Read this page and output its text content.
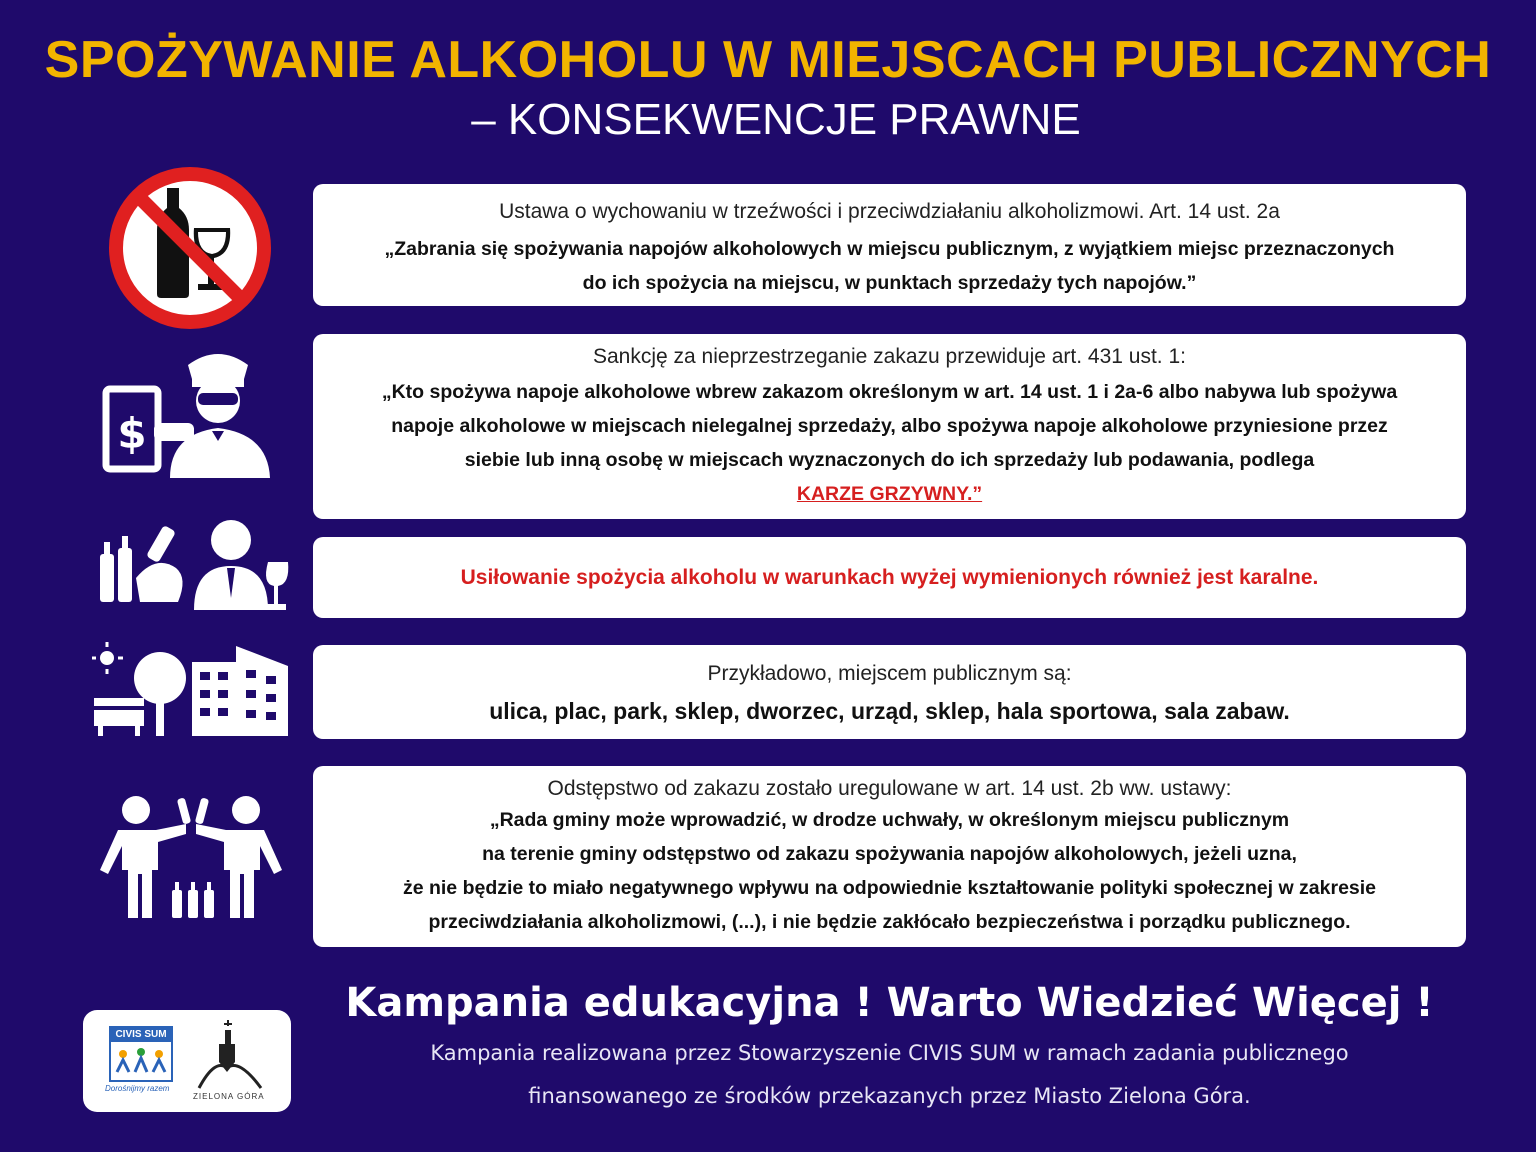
SPOŻYWANIE ALKOHOLU W MIEJSCACH PUBLICZNYCH
– KONSEKWENCJE PRAWNE
$
Ustawa o wychowaniu w trzeźwości i przeciwdziałaniu alkoholizmowi. Art. 14 ust. 2a
„Zabrania się spożywania napojów alkoholowych w miejscu publicznym, z wyjątkiem miejsc przeznaczonych
do ich spożycia na miejscu, w punktach sprzedaży tych napojów.”
Sankcję za nieprzestrzeganie zakazu przewiduje art. 431 ust. 1:
„Kto spożywa napoje alkoholowe wbrew zakazom określonym w art. 14 ust. 1 i 2a-6 albo nabywa lub spożywa
napoje alkoholowe w miejscach nielegalnej sprzedaży, albo spożywa napoje alkoholowe przyniesione przez
siebie lub inną osobę w miejscach wyznaczonych do ich sprzedaży lub podawania, podlega
KARZE GRZYWNY.”
Usiłowanie spożycia alkoholu w warunkach wyżej wymienionych również jest karalne.
Przykładowo, miejscem publicznym są:
ulica, plac, park, sklep, dworzec, urząd, sklep, hala sportowa, sala zabaw.
Odstępstwo od zakazu zostało uregulowane w art. 14 ust. 2b ww. ustawy:
„Rada gminy może wprowadzić, w drodze uchwały, w określonym miejscu publicznym
na terenie gminy odstępstwo od zakazu spożywania napojów alkoholowych, jeżeli uzna,
że nie będzie to miało negatywnego wpływu na odpowiednie kształtowanie polityki społecznej w zakresie
przeciwdziałania alkoholizmowi, (...), i nie będzie zakłócało bezpieczeństwa i porządku publicznego.
CIVIS SUM
Dorośnijmy razem
ZIELONA GÓRA
Kampania edukacyjna ! Warto Wiedzieć Więcej !
Kampania realizowana przez Stowarzyszenie CIVIS SUM w ramach zadania publicznego
finansowanego ze środków przekazanych przez Miasto Zielona Góra.
